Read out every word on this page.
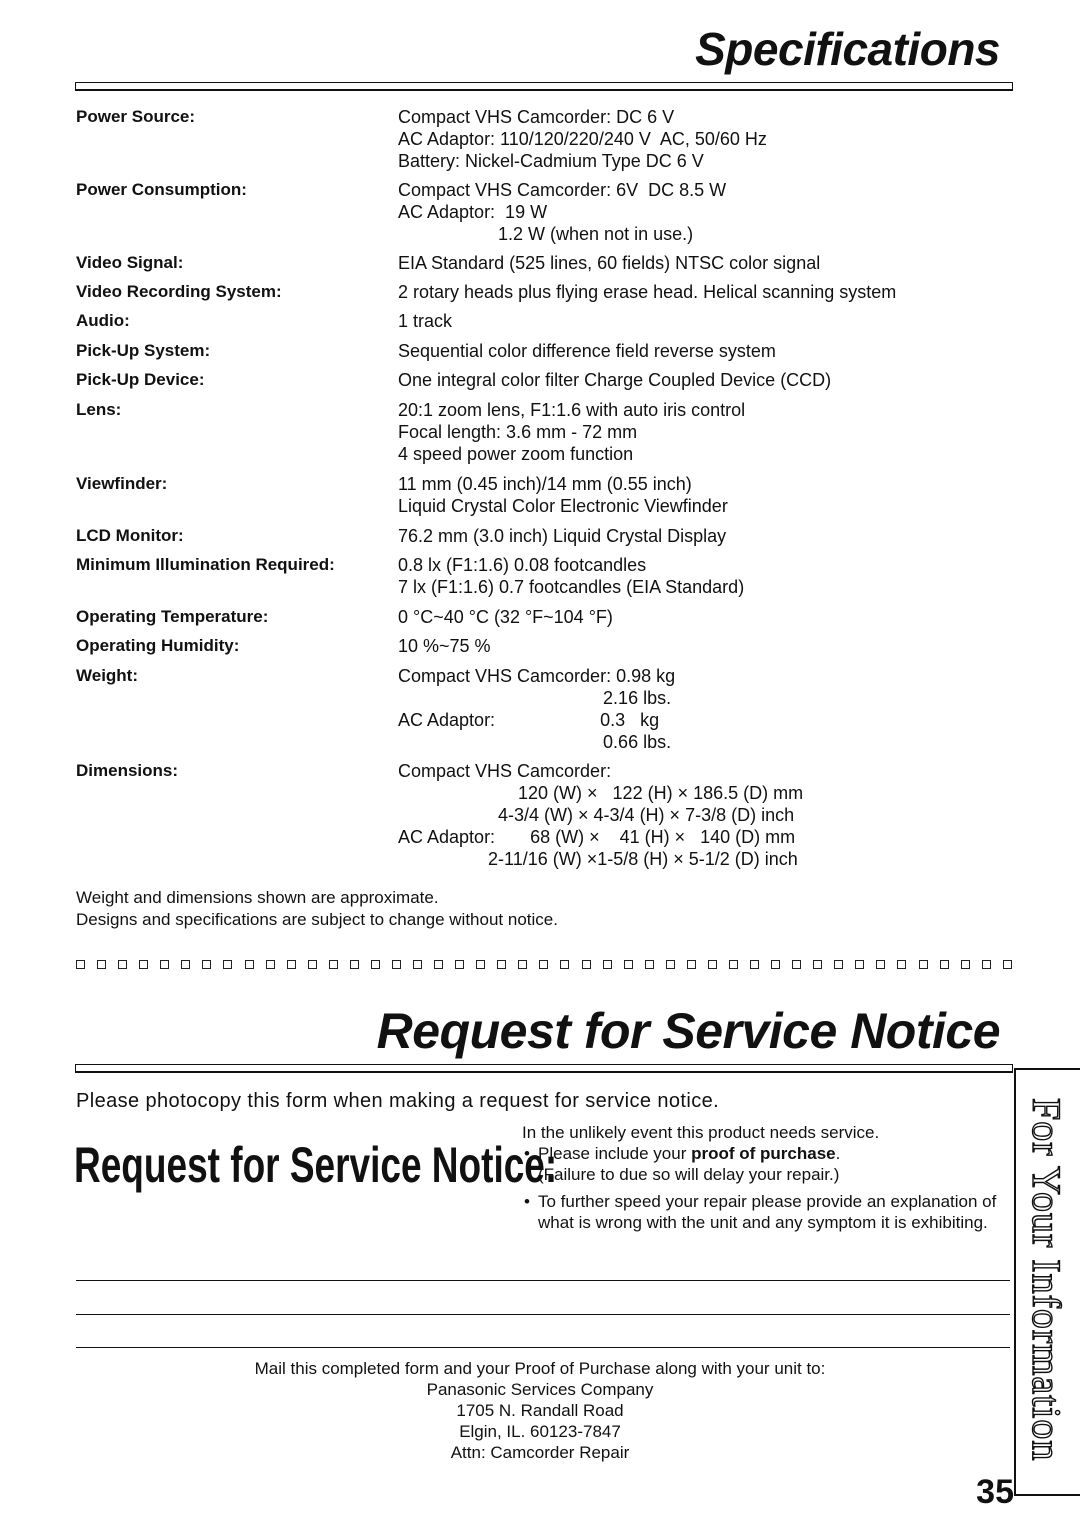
Specifications
Power Source:	Compact VHS Camcorder: DC 6 V
AC Adaptor: 110/120/220/240 V  AC, 50/60 Hz
Battery: Nickel-Cadmium Type DC 6 V
Power Consumption:	Compact VHS Camcorder: 6V  DC 8.5 W
AC Adaptor:  19 W
1.2 W (when not in use.)
Video Signal:	EIA Standard (525 lines, 60 fields) NTSC color signal
Video Recording System:	2 rotary heads plus flying erase head. Helical scanning system
Audio:	1 track
Pick-Up System:	Sequential color difference field reverse system
Pick-Up Device:	One integral color filter Charge Coupled Device (CCD)
Lens:	20:1 zoom lens, F1:1.6 with auto iris control
Focal length: 3.6 mm - 72 mm
4 speed power zoom function
Viewfinder:	11 mm (0.45 inch)/14 mm (0.55 inch)
Liquid Crystal Color Electronic Viewfinder
LCD Monitor:	76.2 mm (3.0 inch) Liquid Crystal Display
Minimum Illumination Required:	0.8 lx (F1:1.6) 0.08 footcandles
7 lx (F1:1.6) 0.7 footcandles (EIA Standard)
Operating Temperature:	0 °C~40 °C (32 °F~104 °F)
Operating Humidity:	10 %~75 %
Weight:	Compact VHS Camcorder: 0.98 kg
2.16 lbs.
AC Adaptor:                     0.3   kg
0.66 lbs.
Dimensions:	Compact VHS Camcorder:
120 (W) ×   122 (H) × 186.5 (D) mm
4-3/4 (W) × 4-3/4 (H) × 7-3/8 (D) inch
AC Adaptor:       68 (W) ×    41 (H) ×   140 (D) mm
2-11/16 (W) ×1-5/8 (H) × 5-1/2 (D) inch
Weight and dimensions shown are approximate.
Designs and specifications are subject to change without notice.
Request for Service Notice
Please photocopy this form when making a request for service notice.
Request for Service Notice:
In the unlikely event this product needs service.
• Please include your proof of purchase.
(Failure to due so will delay your repair.)
• To further speed your repair please provide an explanation of what is wrong with the unit and any symptom it is exhibiting.
Mail this completed form and your Proof of Purchase along with your unit to:
Panasonic Services Company
1705 N. Randall Road
Elgin, IL. 60123-7847
Attn: Camcorder Repair	For Your Information
35
